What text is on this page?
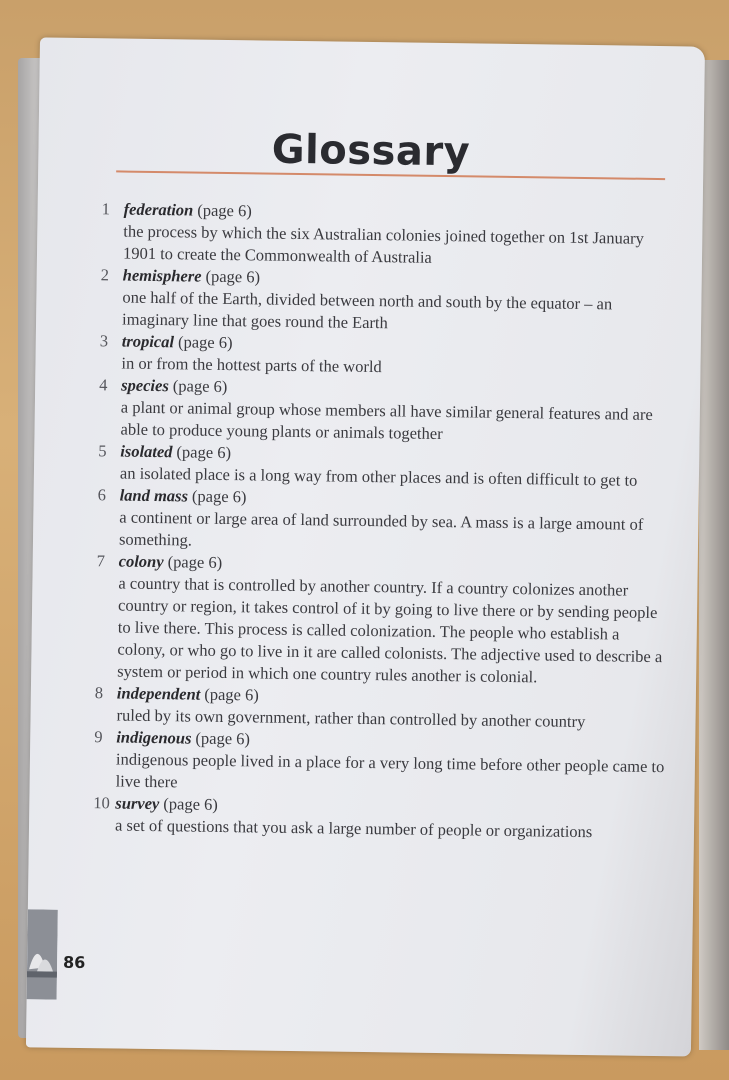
Glossary
1 federation (page 6)
the process by which the six Australian colonies joined together on 1st January 1901 to create the Commonwealth of Australia
2 hemisphere (page 6)
one half of the Earth, divided between north and south by the equator – an imaginary line that goes round the Earth
3 tropical (page 6)
in or from the hottest parts of the world
4 species (page 6)
a plant or animal group whose members all have similar general features and are able to produce young plants or animals together
5 isolated (page 6)
an isolated place is a long way from other places and is often difficult to get to
6 land mass (page 6)
a continent or large area of land surrounded by sea. A mass is a large amount of something.
7 colony (page 6)
a country that is controlled by another country. If a country colonizes another country or region, it takes control of it by going to live there or by sending people to live there. This process is called colonization. The people who establish a colony, or who go to live in it are called colonists. The adjective used to describe a system or period in which one country rules another is colonial.
8 independent (page 6)
ruled by its own government, rather than controlled by another country
9 indigenous (page 6)
indigenous people lived in a place for a very long time before other people came to live there
10 survey (page 6)
a set of questions that you ask a large number of people or organizations
86
